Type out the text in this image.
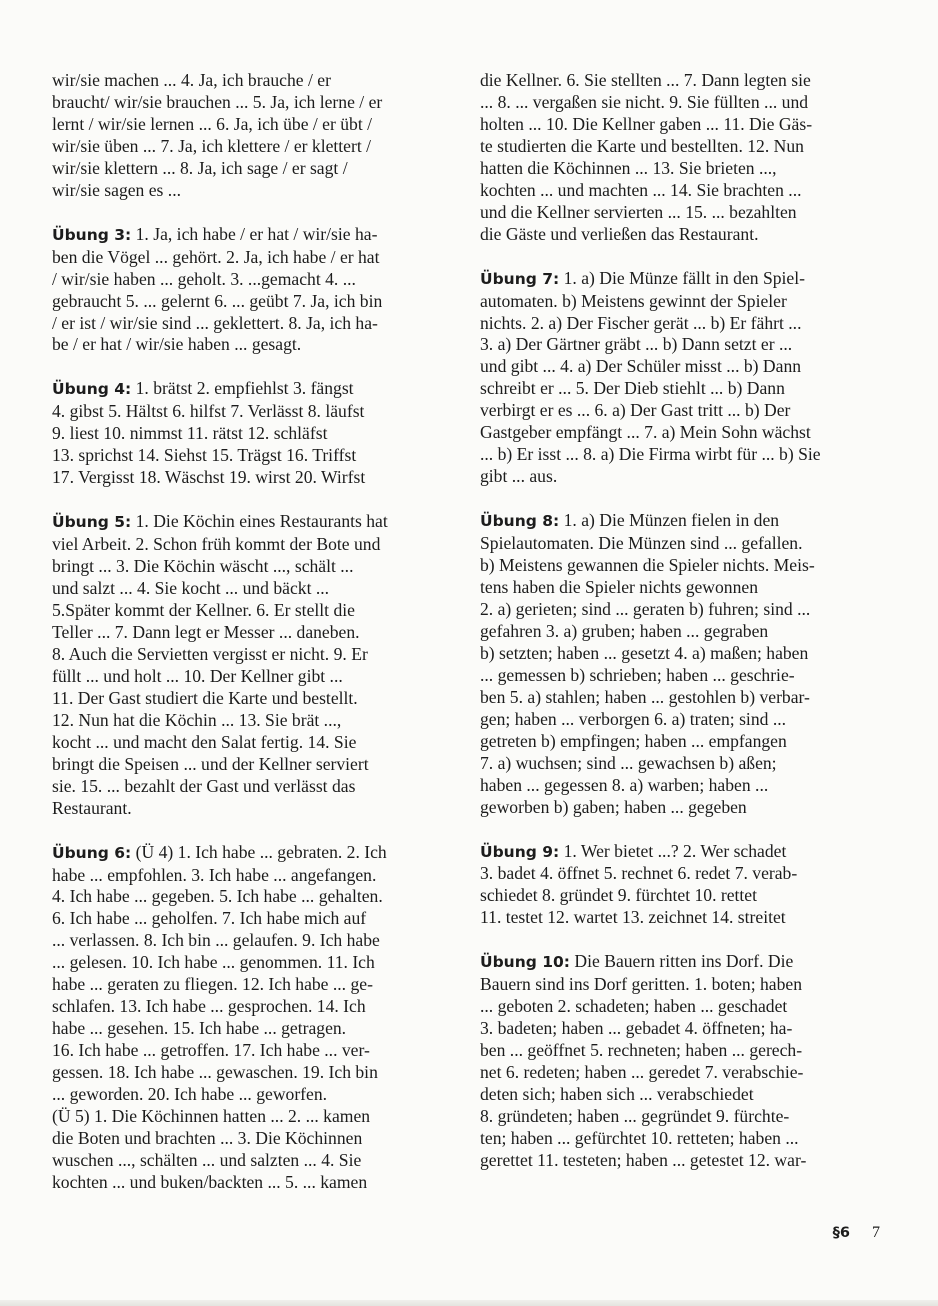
wir/sie machen ... 4. Ja, ich brauche / er
braucht/ wir/sie brauchen ... 5. Ja, ich lerne / er
lernt / wir/sie lernen ... 6. Ja, ich übe / er übt /
wir/sie üben ... 7. Ja, ich klettere / er klettert /
wir/sie klettern ... 8. Ja, ich sage / er sagt /
wir/sie sagen es ...
Übung 3: 1. Ja, ich habe / er hat / wir/sie ha-
ben die Vögel ... gehört. 2. Ja, ich habe / er hat
/ wir/sie haben ... geholt. 3. ...gemacht 4. ...
gebraucht 5. ... gelernt 6. ... geübt 7. Ja, ich bin
/ er ist / wir/sie sind ... geklettert. 8. Ja, ich ha-
be / er hat / wir/sie haben ... gesagt.
Übung 4: 1. brätst 2. empfiehlst 3. fängst
4. gibst 5. Hältst 6. hilfst 7. Verlässt 8. läufst
9. liest 10. nimmst 11. rätst 12. schläfst
13. sprichst 14. Siehst 15. Trägst 16. Triffst
17. Vergisst 18. Wäschst 19. wirst 20. Wirfst
Übung 5: 1. Die Köchin eines Restaurants hat
viel Arbeit. 2. Schon früh kommt der Bote und
bringt ... 3. Die Köchin wäscht ..., schält ...
und salzt ... 4. Sie kocht ... und bäckt ...
5.Später kommt der Kellner. 6. Er stellt die
Teller ... 7. Dann legt er Messer ... daneben.
8. Auch die Servietten vergisst er nicht. 9. Er
füllt ... und holt ... 10. Der Kellner gibt ...
11. Der Gast studiert die Karte und bestellt.
12. Nun hat die Köchin ... 13. Sie brät ...,
kocht ... und macht den Salat fertig. 14. Sie
bringt die Speisen ... und der Kellner serviert
sie. 15. ... bezahlt der Gast und verlässt das
Restaurant.
Übung 6: (Ü 4) 1. Ich habe ... gebraten. 2. Ich
habe ... empfohlen. 3. Ich habe ... angefangen.
4. Ich habe ... gegeben. 5. Ich habe ... gehalten.
6. Ich habe ... geholfen. 7. Ich habe mich auf
... verlassen. 8. Ich bin ... gelaufen. 9. Ich habe
... gelesen. 10. Ich habe ... genommen. 11. Ich
habe ... geraten zu fliegen. 12. Ich habe ... ge-
schlafen. 13. Ich habe ... gesprochen. 14. Ich
habe ... gesehen. 15. Ich habe ... getragen.
16. Ich habe ... getroffen. 17. Ich habe ... ver-
gessen. 18. Ich habe ... gewaschen. 19. Ich bin
... geworden. 20. Ich habe ... geworfen.
(Ü 5) 1. Die Köchinnen hatten ... 2. ... kamen
die Boten und brachten ... 3. Die Köchinnen
wuschen ..., schälten ... und salzten ... 4. Sie
kochten ... und buken/backten ... 5. ... kamen
die Kellner. 6. Sie stellten ... 7. Dann legten sie
... 8. ... vergaßen sie nicht. 9. Sie füllten ... und
holten ... 10. Die Kellner gaben ... 11. Die Gäs-
te studierten die Karte und bestellten. 12. Nun
hatten die Köchinnen ... 13. Sie brieten ...,
kochten ... und machten ... 14. Sie brachten ...
und die Kellner servierten ... 15. ... bezahlten
die Gäste und verließen das Restaurant.
Übung 7: 1. a) Die Münze fällt in den Spiel-
automaten. b) Meistens gewinnt der Spieler
nichts. 2. a) Der Fischer gerät ... b) Er fährt ...
3. a) Der Gärtner gräbt ... b) Dann setzt er ...
und gibt ... 4. a) Der Schüler misst ... b) Dann
schreibt er ... 5. Der Dieb stiehlt ... b) Dann
verbirgt er es ... 6. a) Der Gast tritt ... b) Der
Gastgeber empfängt ... 7. a) Mein Sohn wächst
... b) Er isst ... 8. a) Die Firma wirbt für ... b) Sie
gibt ... aus.
Übung 8: 1. a) Die Münzen fielen in den
Spielautomaten. Die Münzen sind ... gefallen.
b) Meistens gewannen die Spieler nichts. Meis-
tens haben die Spieler nichts gewonnen
2. a) gerieten; sind ... geraten b) fuhren; sind ...
gefahren 3. a) gruben; haben ... gegraben
b) setzten; haben ... gesetzt 4. a) maßen; haben
... gemessen b) schrieben; haben ... geschrie-
ben 5. a) stahlen; haben ... gestohlen b) verbar-
gen; haben ... verborgen 6. a) traten; sind ...
getreten b) empfingen; haben ... empfangen
7. a) wuchsen; sind ... gewachsen b) aßen;
haben ... gegessen 8. a) warben; haben ...
geworben b) gaben; haben ... gegeben
Übung 9: 1. Wer bietet ...? 2. Wer schadet
3. badet 4. öffnet 5. rechnet 6. redet 7. verab-
schiedet 8. gründet 9. fürchtet 10. rettet
11. testet 12. wartet 13. zeichnet 14. streitet
Übung 10: Die Bauern ritten ins Dorf. Die
Bauern sind ins Dorf geritten. 1. boten; haben
... geboten 2. schadeten; haben ... geschadet
3. badeten; haben ... gebadet 4. öffneten; ha-
ben ... geöffnet 5. rechneten; haben ... gerech-
net 6. redeten; haben ... geredet 7. verabschie-
deten sich; haben sich ... verabschiedet
8. gründeten; haben ... gegründet 9. fürchte-
ten; haben ... gefürchtet 10. retteten; haben ...
gerettet 11. testeten; haben ... getestet 12. war-
§6 7
